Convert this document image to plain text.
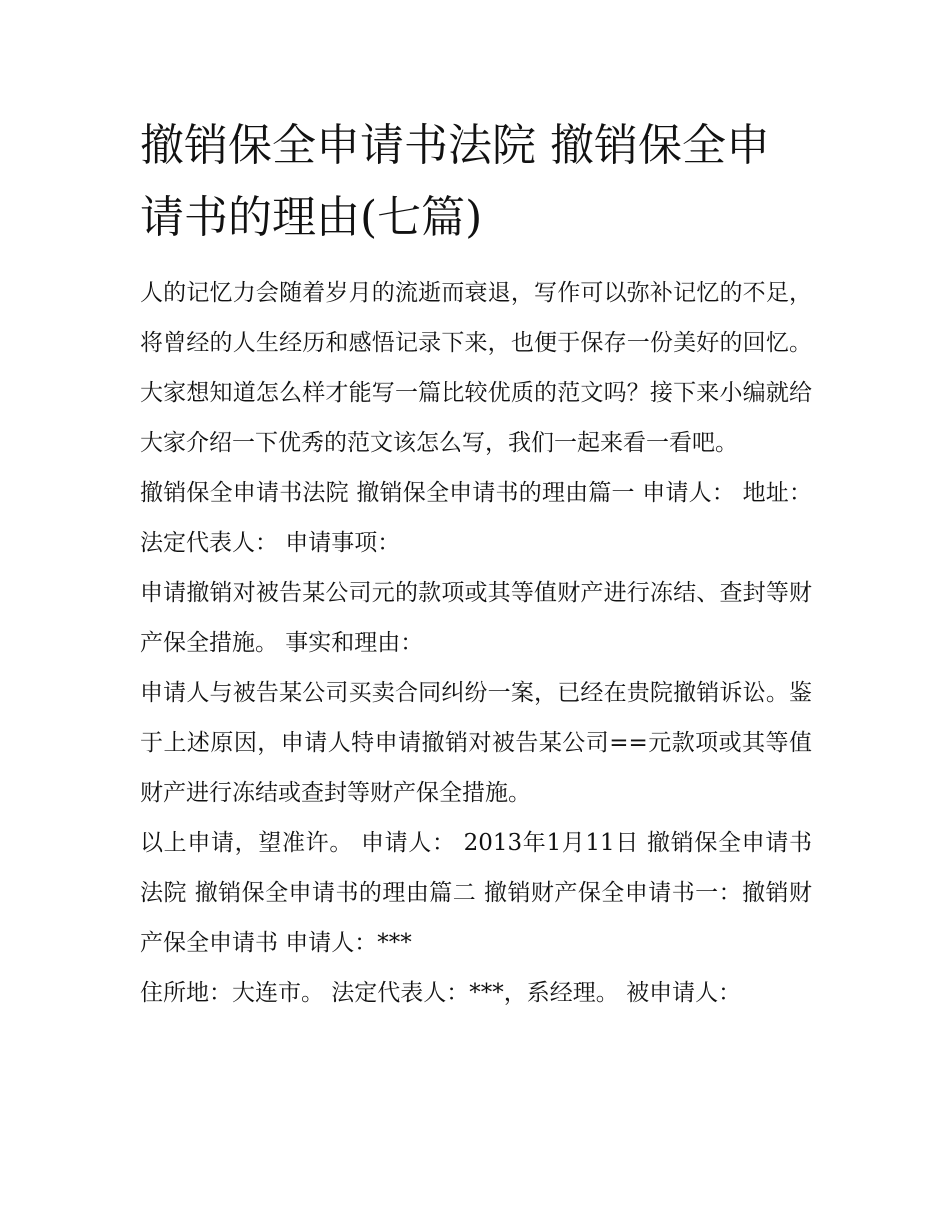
撤销保全申请书法院 撤销保全申请书的理由(七篇)

人的记忆力会随着岁月的流逝而衰退，写作可以弥补记忆的不足，将曾经的人生经历和感悟记录下来，也便于保存一份美好的回忆。大家想知道怎么样才能写一篇比较优质的范文吗？接下来小编就给大家介绍一下优秀的范文该怎么写，我们一起来看一看吧。

撤销保全申请书法院 撤销保全申请书的理由篇一 申请人： 地址： 法定代表人： 申请事项：

申请撤销对被告某公司元的款项或其等值财产进行冻结、查封等财产保全措施。 事实和理由：

申请人与被告某公司买卖合同纠纷一案，已经在贵院撤销诉讼。鉴于上述原因，申请人特申请撤销对被告某公司==元款项或其等值财产进行冻结或查封等财产保全措施。

以上申请，望准许。 申请人： 2013年1月11日 撤销保全申请书法院 撤销保全申请书的理由篇二 撤销财产保全申请书一：撤销财产保全申请书 申请人：***

住所地：大连市。 法定代表人：***，系经理。 被申请人：
